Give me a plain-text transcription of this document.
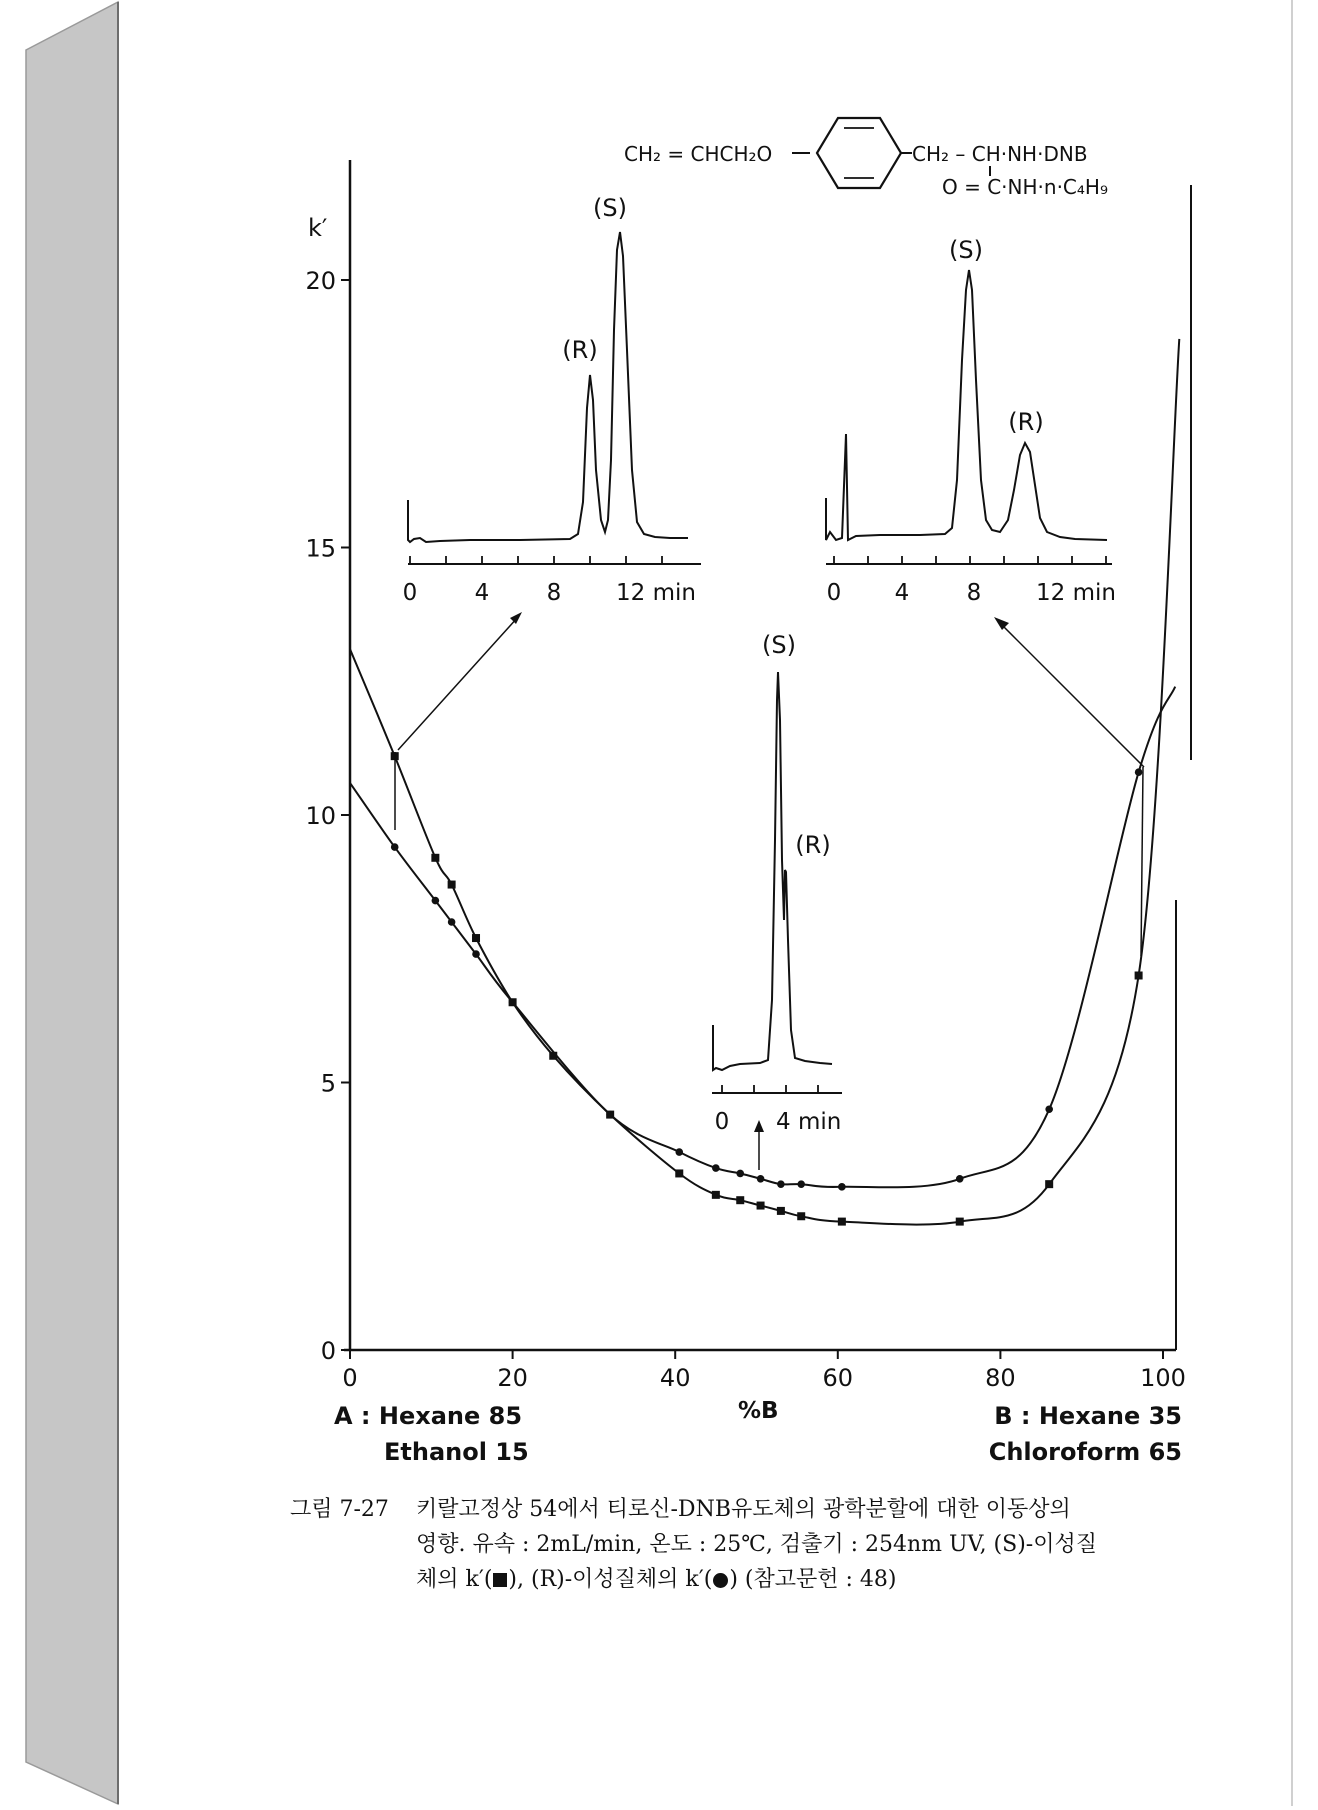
CH₂ = CHCH₂O	CH₂ – CH·NH·DNB
O = C·NH·n·C₄H₉
0
5
10
15
20
0	20	40	60	80	100
k′
%B
A : Hexane 85
Ethanol 15
B : Hexane 35
Chloroform 65
0 4 8 12 min
(R)
(S)
0 4 8 12 min
(S)
(R)
0 4 min
(S)
(R)
그림 7-27	키랄고정상 54에서 티로신-DNB유도체의 광학분할에 대한 이동상의
영향. 유속 : 2mL/min, 온도 : 25℃, 검출기 : 254nm UV, (S)-이성질
체의 k′( ), (R)-이성질체의 k′( ) (참고문헌 : 48)
